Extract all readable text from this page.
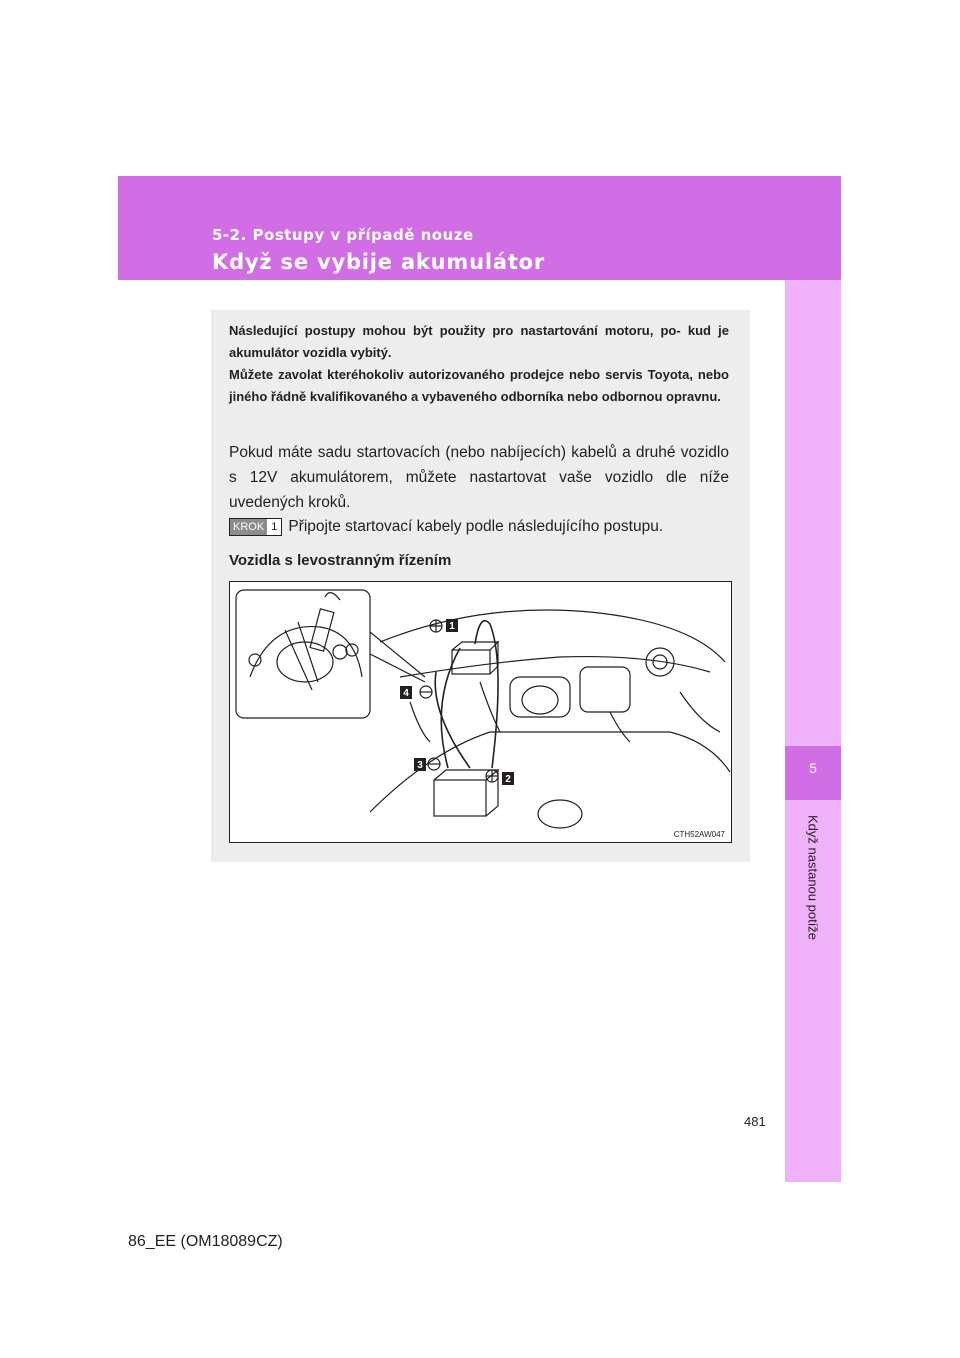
5-2. Postupy v případě nouze
Když se vybije akumulátor
5
Když nastanou potíže

Následující postupy mohou být použity pro nastartování motoru, po- kud je akumulátor vozidla vybitý.

Můžete zavolat kteréhokoliv autorizovaného prodejce nebo servis Toyota, nebo jiného řádně kvalifikovaného a vybaveného odborníka nebo odbornou opravnu.

Pokud máte sadu startovacích (nebo nabíjecích) kabelů a druhé vozidlo s 12V akumulátorem, můžete nastartovat vaše vozidlo dle níže uvedených kroků.
KROK 1 Připojte startovací kabely podle následujícího postupu.
Vozidla s levostranným řízením
1
2
3
4
CTH52AW047
481
86_EE (OM18089CZ)
